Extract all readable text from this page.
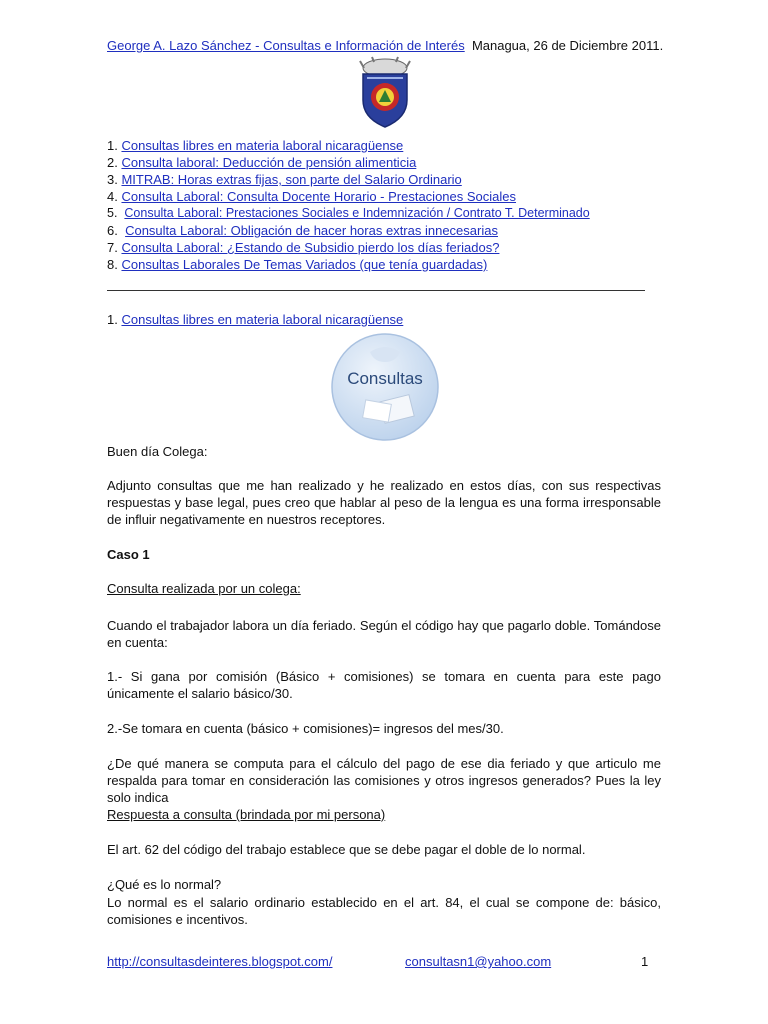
George A. Lazo Sánchez - Consultas e Información de Interés Managua, 26 de Diciembre 2011.
1. Consultas libres en materia laboral nicaragüense
2. Consulta laboral: Deducción de pensión alimenticia
3. MITRAB: Horas extras fijas, son parte del Salario Ordinario
4. Consulta Laboral: Consulta Docente Horario - Prestaciones Sociales
5. Consulta Laboral: Prestaciones Sociales e Indemnización / Contrato T. Determinado
6. Consulta Laboral: Obligación de hacer horas extras innecesarias
7. Consulta Laboral: ¿Estando de Subsidio pierdo los días feriados?
8. Consultas Laborales De Temas Variados (que tenía guardadas)
1. Consultas libres en materia laboral nicaragüense
Consultas
Buen día Colega:
Adjunto consultas que me han realizado y he realizado en estos días, con sus respectivas respuestas y base legal, pues creo que hablar al peso de la lengua es una forma irresponsable de influir negativamente en nuestros receptores.
Caso 1
Consulta realizada por un colega:
Cuando el trabajador labora un día feriado. Según el código hay que pagarlo doble. Tomándose en cuenta:
1.- Si gana por comisión (Básico + comisiones) se tomara en cuenta para este pago únicamente el salario básico/30.
2.-Se tomara en cuenta (básico + comisiones)= ingresos del mes/30.
¿De qué manera se computa para el cálculo del pago de ese dia feriado y que articulo me respalda para tomar en consideración las comisiones y otros ingresos generados? Pues la ley solo indica
Respuesta a consulta (brindada por mi persona)
El art. 62 del código del trabajo establece que se debe pagar el doble de lo normal.
¿Qué es lo normal?
Lo normal es el salario ordinario establecido en el art. 84, el cual se compone de: básico, comisiones e incentivos.
http://consultasdeinteres.blogspot.com/	consultasn1@yahoo.com	1
